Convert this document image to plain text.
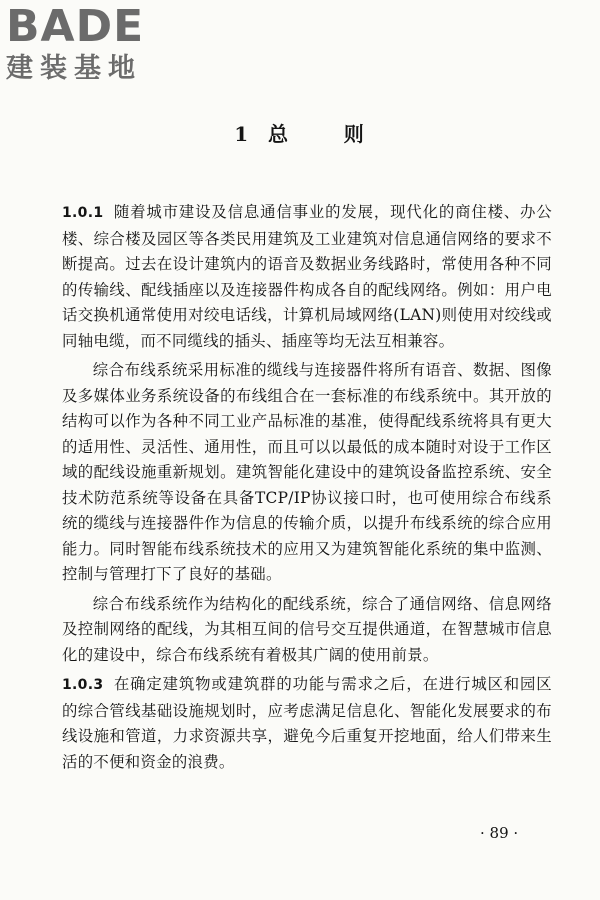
BADE
建装基地
1  总      则

1.0.1 随着城市建设及信息通信事业的发展，现代化的商住楼、办公楼、综合楼及园区等各类民用建筑及工业建筑对信息通信网络的要求不断提高。过去在设计建筑内的语音及数据业务线路时，常使用各种不同的传输线、配线插座以及连接器件构成各自的配线网络。例如：用户电话交换机通常使用对绞电话线，计算机局域网络(LAN)则使用对绞线或同轴电缆，而不同缆线的插头、插座等均无法互相兼容。

综合布线系统采用标准的缆线与连接器件将所有语音、数据、图像及多媒体业务系统设备的布线组合在一套标准的布线系统中。其开放的结构可以作为各种不同工业产品标准的基准，使得配线系统将具有更大的适用性、灵活性、通用性，而且可以以最低的成本随时对设于工作区域的配线设施重新规划。建筑智能化建设中的建筑设备监控系统、安全技术防范系统等设备在具备TCP/IP协议接口时，也可使用综合布线系统的缆线与连接器件作为信息的传输介质，以提升布线系统的综合应用能力。同时智能布线系统技术的应用又为建筑智能化系统的集中监测、控制与管理打下了良好的基础。

综合布线系统作为结构化的配线系统，综合了通信网络、信息网络及控制网络的配线，为其相互间的信号交互提供通道，在智慧城市信息化的建设中，综合布线系统有着极其广阔的使用前景。

1.0.3 在确定建筑物或建筑群的功能与需求之后，在进行城区和园区的综合管线基础设施规划时，应考虑满足信息化、智能化发展要求的布线设施和管道，力求资源共享，避免今后重复开挖地面，给人们带来生活的不便和资金的浪费。

· 89 ·
